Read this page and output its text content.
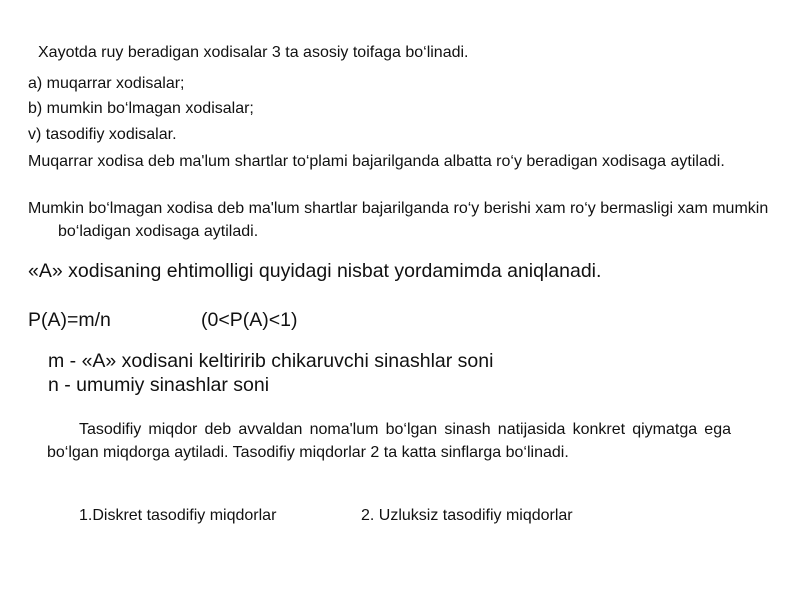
Xayotda ruy beradigan xodisalar 3 ta asosiy toifaga bo‘linadi.
a) muqarrar xodisalar;
b) mumkin bo‘lmagan xodisalar;
v) tasodifiy xodisalar.
Muqarrar xodisa deb ma'lum shartlar to‘plami bajarilganda albatta ro‘y beradigan xodisaga aytiladi.
Mumkin bo‘lmagan xodisa deb ma'lum shartlar bajarilganda ro‘y berishi xam ro‘y bermasligi xam mumkin bo‘ladigan xodisaga aytiladi.
«A» xodisaning ehtimolligi quyidagi nisbat yordamimda aniqlanadi.
P(A)=m/n	(0<P(A)<1)
m - «A» xodisani keltiririb chikaruvchi sinashlar soni
n - umumiy sinashlar soni
Tasodifiy miqdor deb avvaldan noma'lum bo‘lgan sinash natijasida konkret qiymatga ega bo‘lgan miqdorga aytiladi. Tasodifiy miqdorlar 2 ta katta sinflarga bo‘linadi.
1.Diskret tasodifiy miqdorlar	2. Uzluksiz tasodifiy miqdorlar
